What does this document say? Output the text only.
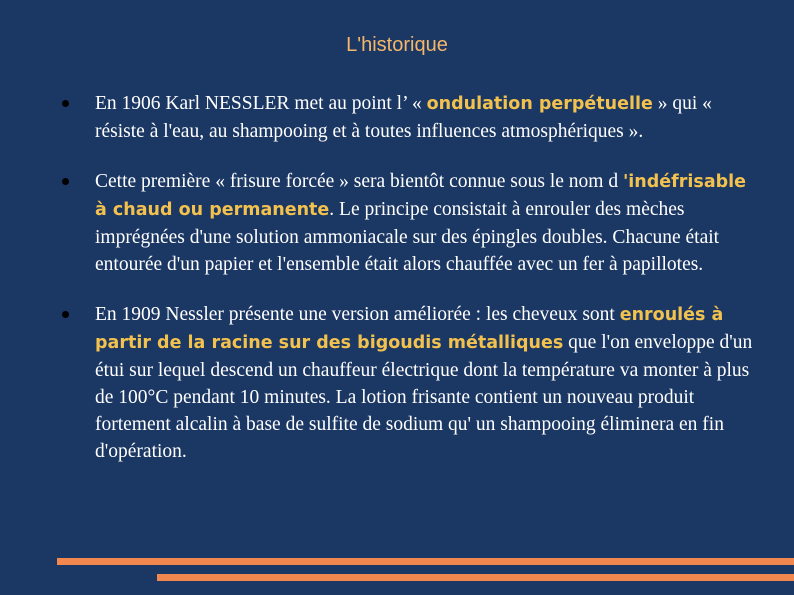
L'historique
En 1906 Karl NESSLER met au point l’ « ondulation perpétuelle » qui « résiste à l'eau, au shampooing et à toutes influences atmosphériques ».
Cette première « frisure forcée » sera bientôt connue sous le nom d 'indéfrisable à chaud ou permanente. Le principe consistait à enrouler des mèches imprégnées d'une solution ammoniacale sur des épingles doubles. Chacune était entourée d'un papier et l'ensemble était alors chauffée avec un fer à papillotes.
En 1909 Nessler présente une version améliorée : les cheveux sont enroulés à partir de la racine sur des bigoudis métalliques que l'on enveloppe d'un étui sur lequel descend un chauffeur électrique dont la température va monter à plus de 100°C pendant 10 minutes. La lotion frisante contient un nouveau produit fortement alcalin à base de sulfite de sodium qu' un shampooing éliminera en fin d'opération.
